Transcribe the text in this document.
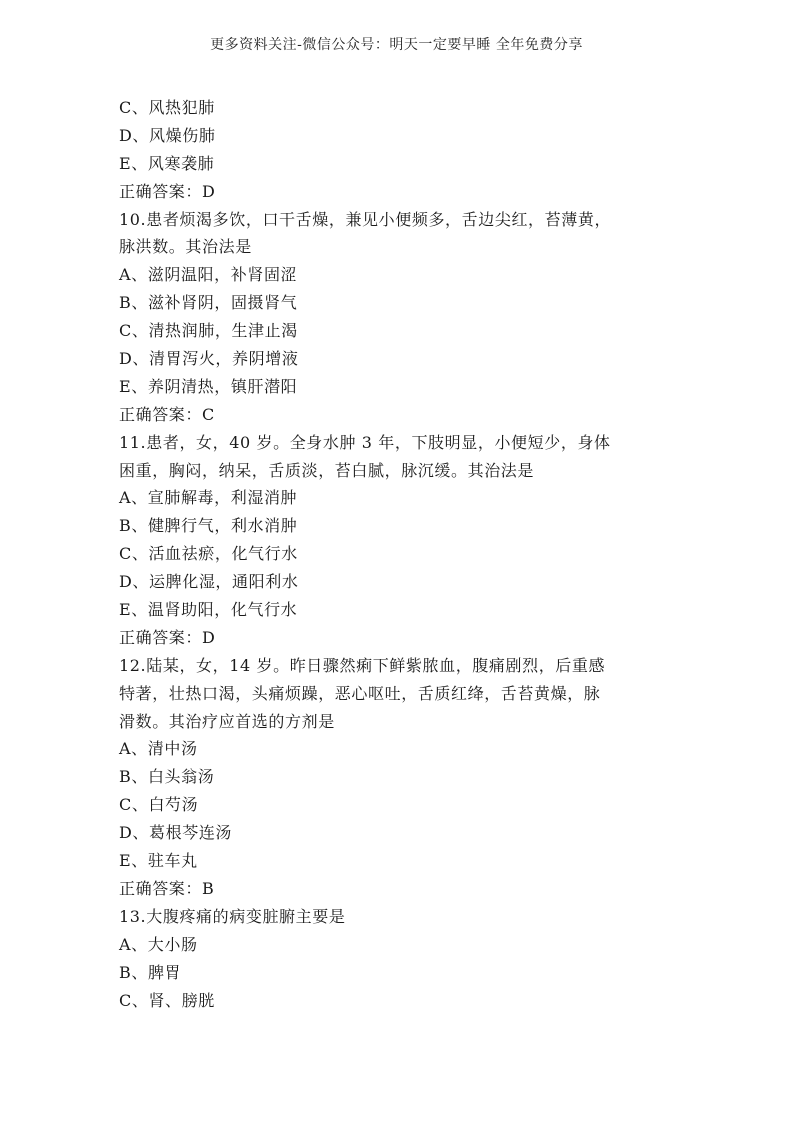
更多资料关注-微信公众号：明天一定要早睡 全年免费分享
C、风热犯肺
D、风燥伤肺
E、风寒袭肺
正确答案：D
10.患者烦渴多饮，口干舌燥，兼见小便频多，舌边尖红，苔薄黄，
脉洪数。其治法是
A、滋阴温阳，补肾固涩
B、滋补肾阴，固摄肾气
C、清热润肺，生津止渴
D、清胃泻火，养阴增液
E、养阴清热，镇肝潜阳
正确答案：C
11.患者，女，40 岁。全身水肿 3 年，下肢明显，小便短少，身体
困重，胸闷，纳呆，舌质淡，苔白腻，脉沉缓。其治法是
A、宣肺解毒，利湿消肿
B、健脾行气，利水消肿
C、活血祛瘀，化气行水
D、运脾化湿，通阳利水
E、温肾助阳，化气行水
正确答案：D
12.陆某，女，14 岁。昨日骤然痢下鲜紫脓血，腹痛剧烈，后重感
特著，壮热口渴，头痛烦躁，恶心呕吐，舌质红绛，舌苔黄燥，脉
滑数。其治疗应首选的方剂是
A、清中汤
B、白头翁汤
C、白芍汤
D、葛根芩连汤
E、驻车丸
正确答案：B
13.大腹疼痛的病变脏腑主要是
A、大小肠
B、脾胃
C、肾、膀胱
